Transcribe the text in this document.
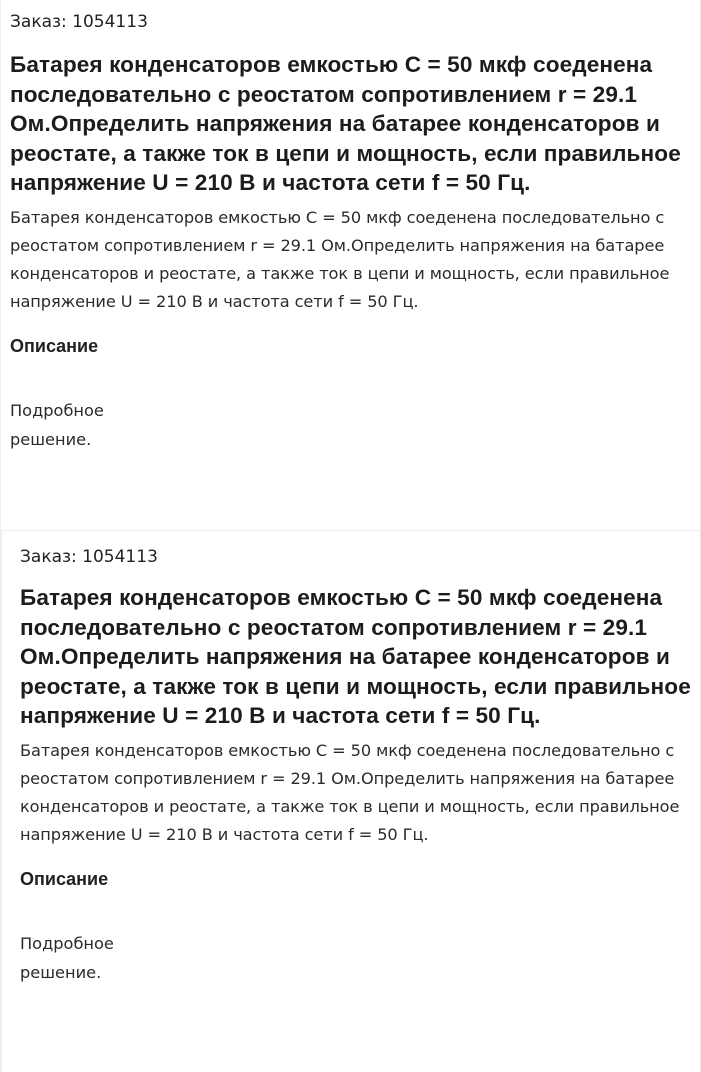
Заказ: 1054113

Батарея конденсаторов емкостью С = 50 мкф соеденена последовательно с реостатом сопротивлением r = 29.1 Ом.Определить напряжения на батарее конденсаторов и реостате, а также ток в цепи и мощность, если правильное напряжение U = 210 В и частота сети f = 50 Гц.

Батарея конденсаторов емкостью С = 50 мкф соеденена последовательно с реостатом сопротивлением r = 29.1 Ом.Определить напряжения на батарее конденсаторов и реостате, а также ток в цепи и мощность, если правильное напряжение U = 210 В и частота сети f = 50 Гц.

Описание

Подробное решение.

Заказ: 1054113

Батарея конденсаторов емкостью С = 50 мкф соеденена последовательно с реостатом сопротивлением r = 29.1 Ом.Определить напряжения на батарее конденсаторов и реостате, а также ток в цепи и мощность, если правильное напряжение U = 210 В и частота сети f = 50 Гц.

Батарея конденсаторов емкостью С = 50 мкф соеденена последовательно с реостатом сопротивлением r = 29.1 Ом.Определить напряжения на батарее конденсаторов и реостате, а также ток в цепи и мощность, если правильное напряжение U = 210 В и частота сети f = 50 Гц.

Описание

Подробное решение.
